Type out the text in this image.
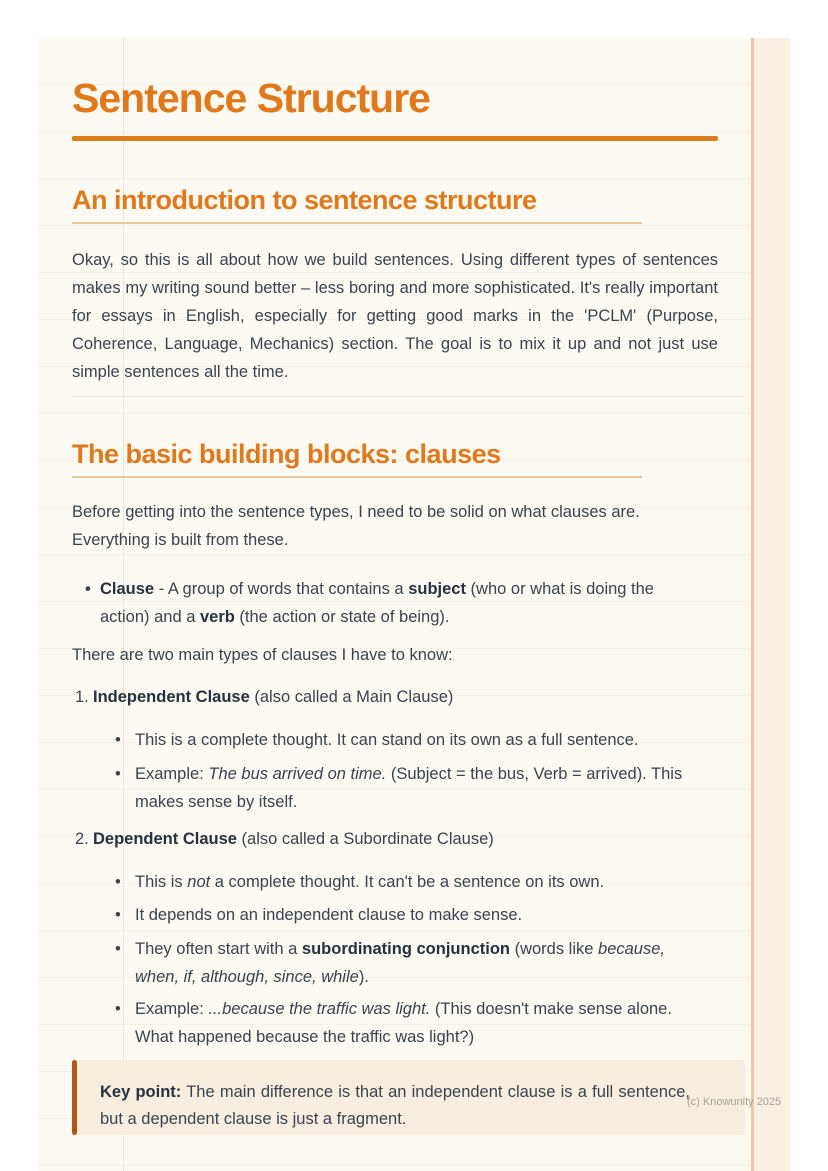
Sentence Structure
An introduction to sentence structure

Okay, so this is all about how we build sentences. Using different types of sentences makes my writing sound better – less boring and more sophisticated. It's really important for essays in English, especially for getting good marks in the 'PCLM' (Purpose, Coherence, Language, Mechanics) section. The goal is to mix it up and not just use simple sentences all the time.

The basic building blocks: clauses

Before getting into the sentence types, I need to be solid on what clauses are. Everything is built from these.

• Clause - A group of words that contains a subject (who or what is doing the action) and a verb (the action or state of being).

There are two main types of clauses I have to know:

1. Independent Clause (also called a Main Clause)
• This is a complete thought. It can stand on its own as a full sentence.
• Example: The bus arrived on time. (Subject = the bus, Verb = arrived). This makes sense by itself.
2. Dependent Clause (also called a Subordinate Clause)
• This is not a complete thought. It can't be a sentence on its own.
• It depends on an independent clause to make sense.
• They often start with a subordinating conjunction (words like because, when, if, although, since, while).
• Example: ...because the traffic was light. (This doesn't make sense alone. What happened because the traffic was light?)

Key point: The main difference is that an independent clause is a full sentence, but a dependent clause is just a fragment.

(c) Knowunity 2025
